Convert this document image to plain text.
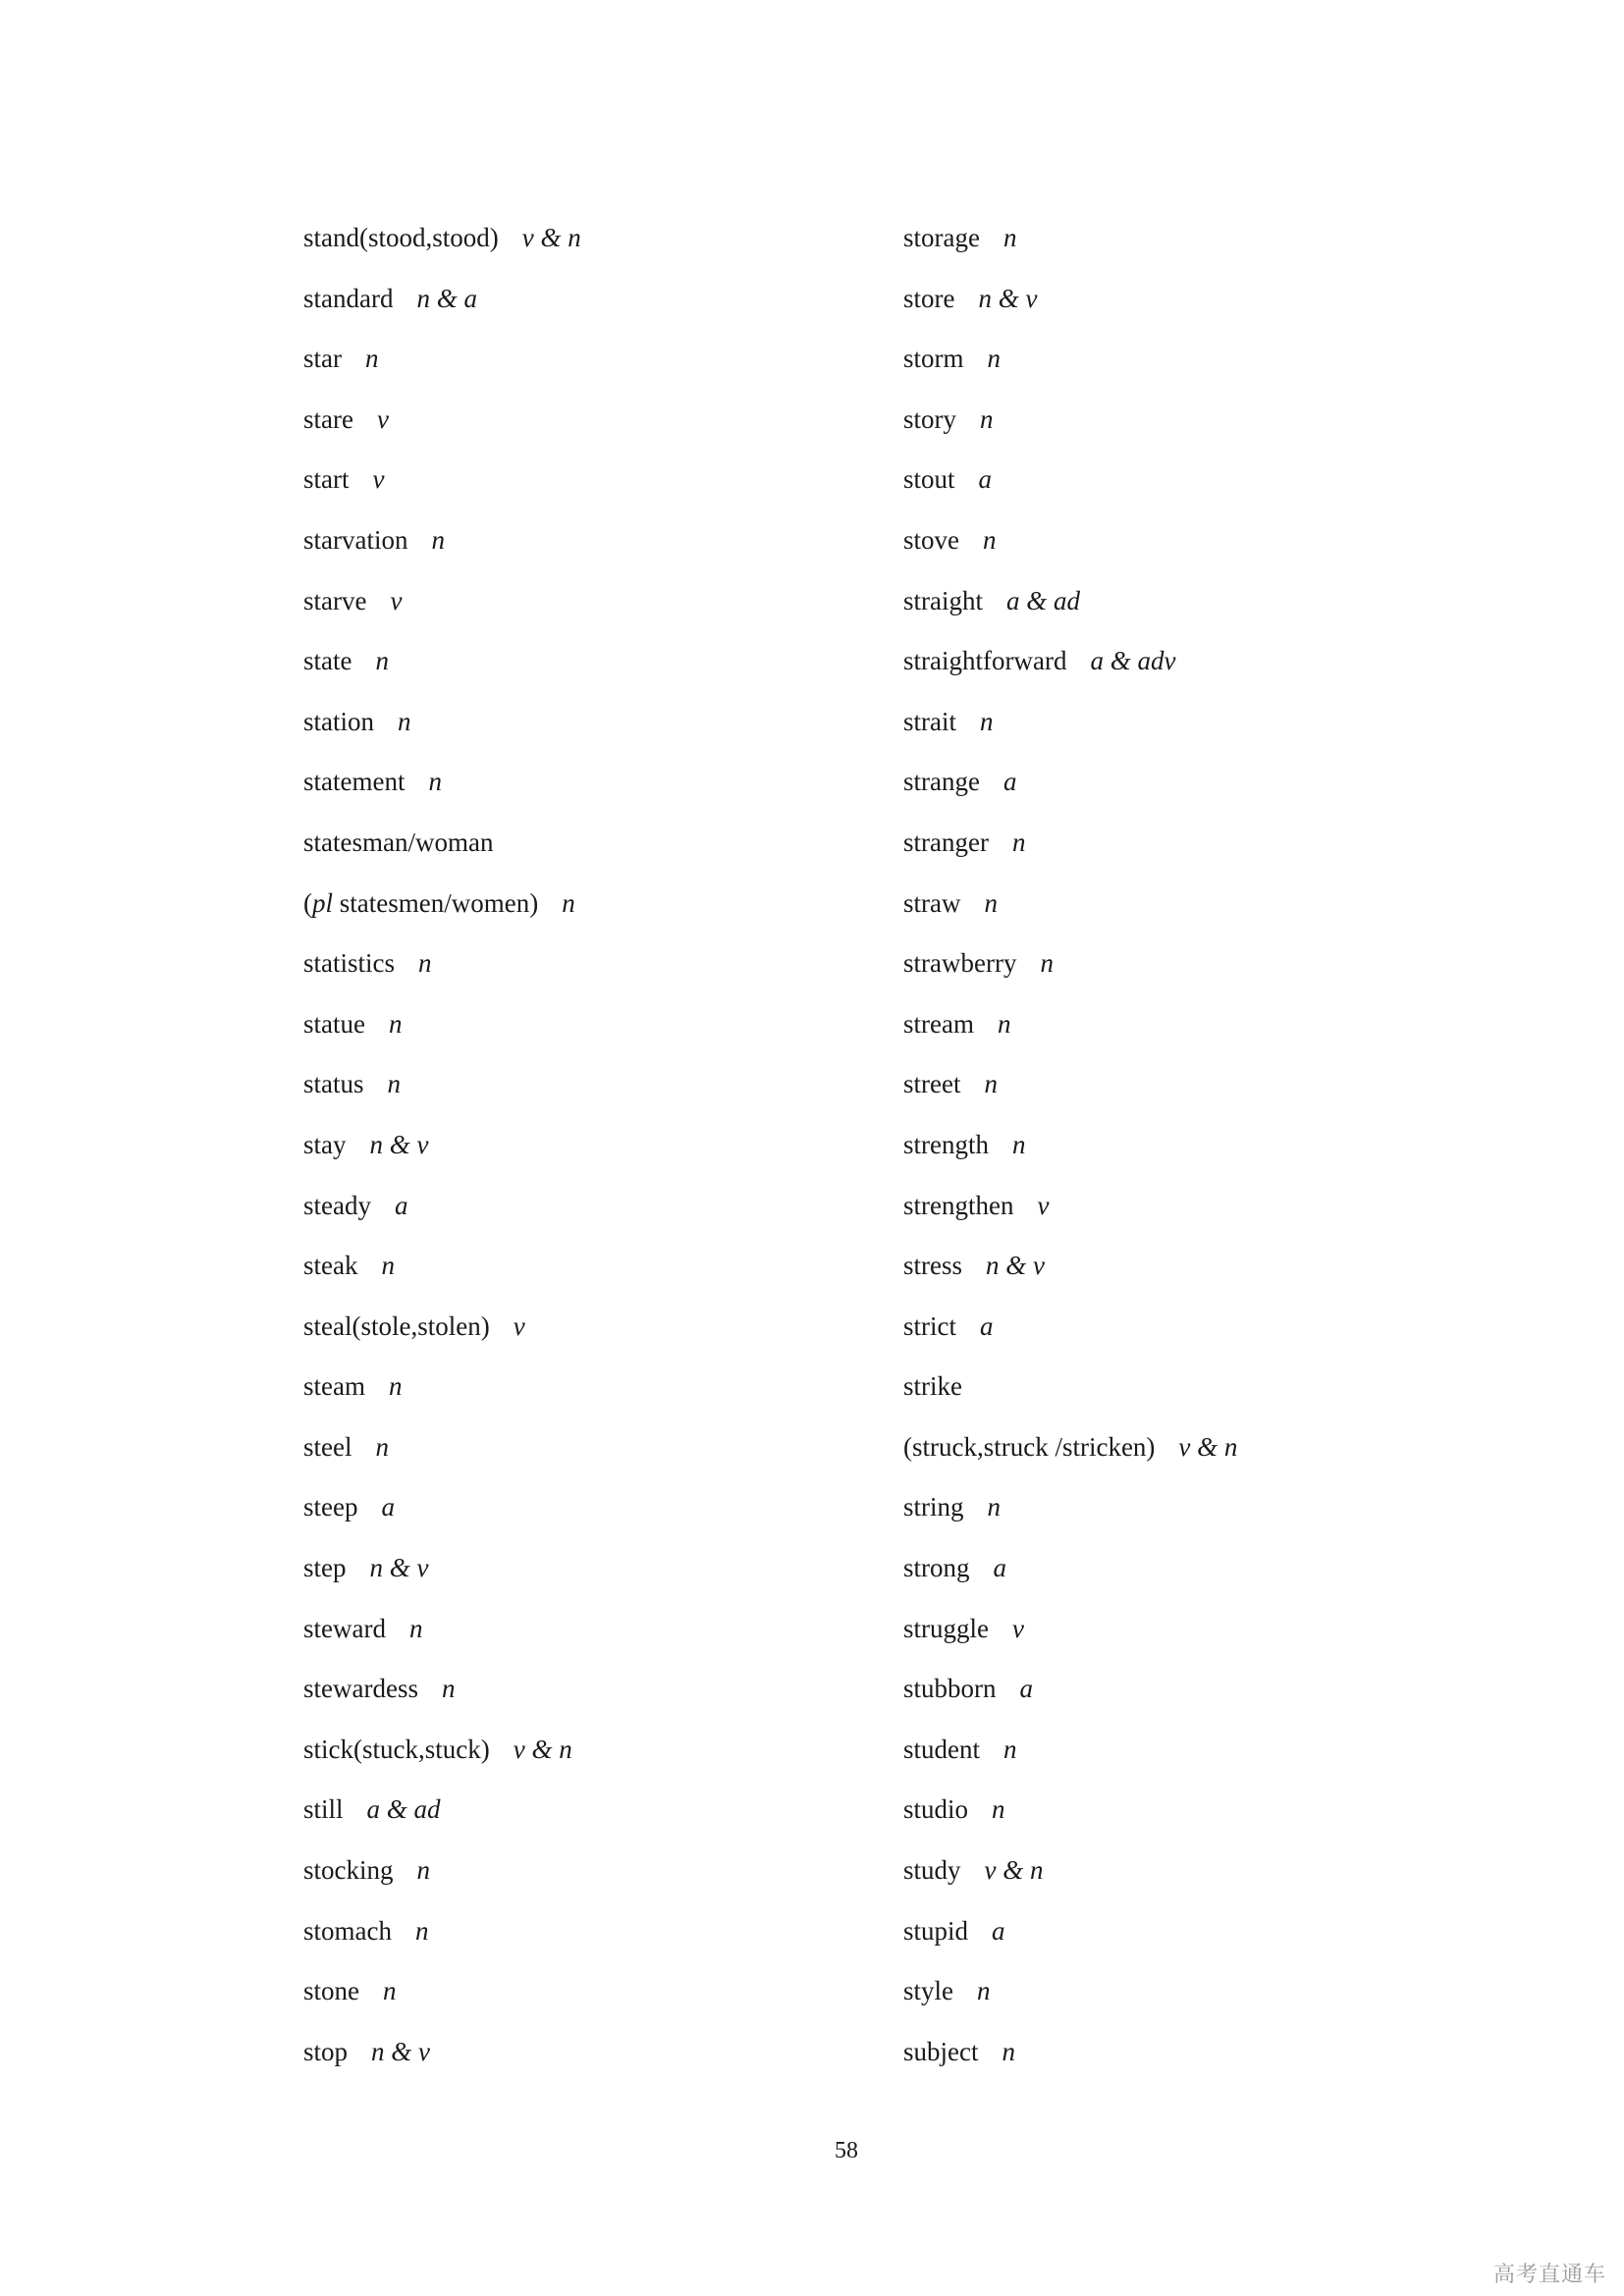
stand(stood,stood) v & n
standard n & a
star n
stare v
start v
starvation n
starve v
state n
station n
statement n
statesman/woman
(pl statesmen/women) n
statistics n
statue n
status n
stay n & v
steady a
steak n
steal(stole,stolen) v
steam n
steel n
steep a
step n & v
steward n
stewardess n
stick(stuck,stuck) v & n
still a & ad
stocking n
stomach n
stone n
stop n & v
storage n
store n & v
storm n
story n
stout a
stove n
straight a & ad
straightforward a & adv
strait n
strange a
stranger n
straw n
strawberry n
stream n
street n
strength n
strengthen v
stress n & v
strict a
strike
(struck,struck /stricken) v & n
string n
strong a
struggle v
stubborn a
student n
studio n
study v & n
stupid a
style n
subject n
58
高考直通车
